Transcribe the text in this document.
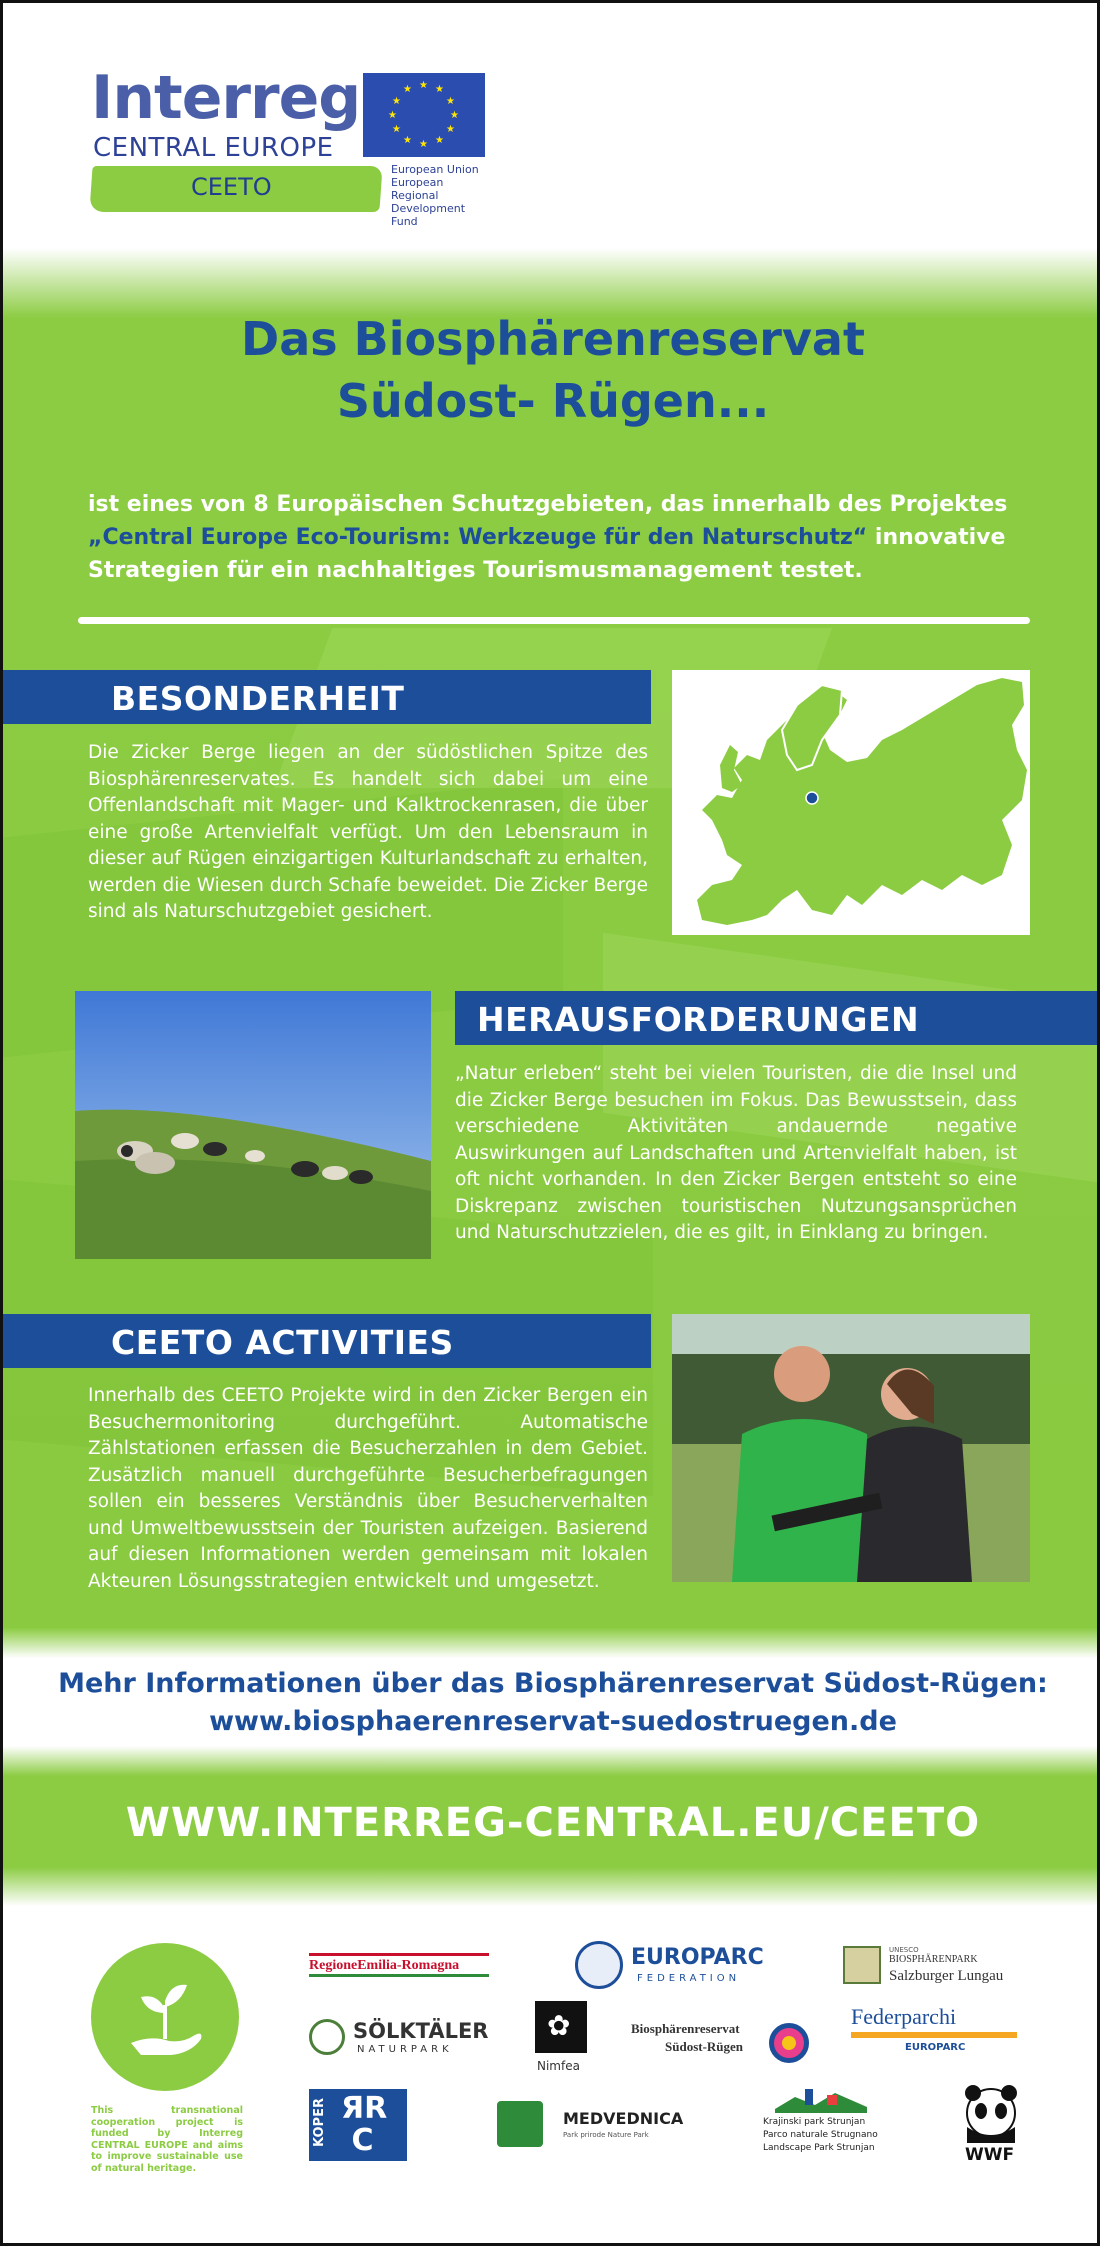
Interreg
CENTRAL EUROPE
CEETO
★ ★
★
★
★
★
★
★
★
★
★
★
European Union
European Regional
Development Fund
Das Biosphärenreservat
Südost- Rügen...
ist eines von 8 Europäischen Schutzgebieten, das innerhalb des Projektes „Central Europe Eco-Tourism: Werkzeuge für den Naturschutz“ innovative Strategien für ein nachhaltiges Tourismusmanagement testet.
BESONDERHEIT
Die Zicker Berge liegen an der südöstlichen Spitze des Biosphärenreservates. Es handelt sich dabei um eine Offenlandschaft mit Mager- und Kalktrockenrasen, die über eine große Artenvielfalt verfügt. Um den Lebensraum in dieser auf Rügen einzigartigen Kulturlandschaft zu erhalten, werden die Wiesen durch Schafe beweidet. Die Zicker Berge sind als Naturschutzgebiet gesichert.
HERAUSFORDERUNGEN
„Natur erleben“ steht bei vielen Touristen, die die Insel und die Zicker Berge besuchen im Fokus. Das Bewusstsein, dass verschiedene Aktivitäten andauernde negative Auswirkungen auf Landschaften und Artenvielfalt haben, ist oft nicht vorhanden. In den Zicker Bergen entsteht so eine Diskrepanz zwischen touristischen Nutzungsansprüchen und Naturschutzzielen, die es gilt, in Einklang zu bringen.
CEETO ACTIVITIES
Innerhalb des CEETO Projekte wird in den Zicker Bergen ein Besuchermonitoring durchgeführt. Automatische Zählstationen erfassen die Besucherzahlen in dem Gebiet. Zusätzlich manuell durchgeführte Besucherbefragungen sollen ein besseres Verständnis über Besucherverhalten und Umweltbewusstsein der Touristen aufzeigen. Basierend auf diesen Informationen werden gemeinsam mit lokalen Akteuren Lösungsstrategien entwickelt und umgesetzt.
Mehr Informationen über das Biosphärenreservat Südost-Rügen:
www.biosphaerenreservat-suedostruegen.de
WWW.INTERREG-CENTRAL.EU/CEETO
This transnational cooperation project is funded by Interreg CENTRAL EUROPE and aims to improve sustainable use of natural heritage.
RegioneEmilia-Romagna	EUROPARC
FEDERATION
UNESCO
BIOSPHÄRENPARK
Salzburger Lungau
SÖLKTÄLER
NATURPARK
✿
Nimfea
Biosphärenreservat
Südost-Rügen
Federparchi
EUROPARC
KOPER ЯR
C
MEDVEDNICA
Park prirode Nature Park
Krajinski park Strunjan
Parco naturale Strugnano
Landscape Park Strunjan	WWF
